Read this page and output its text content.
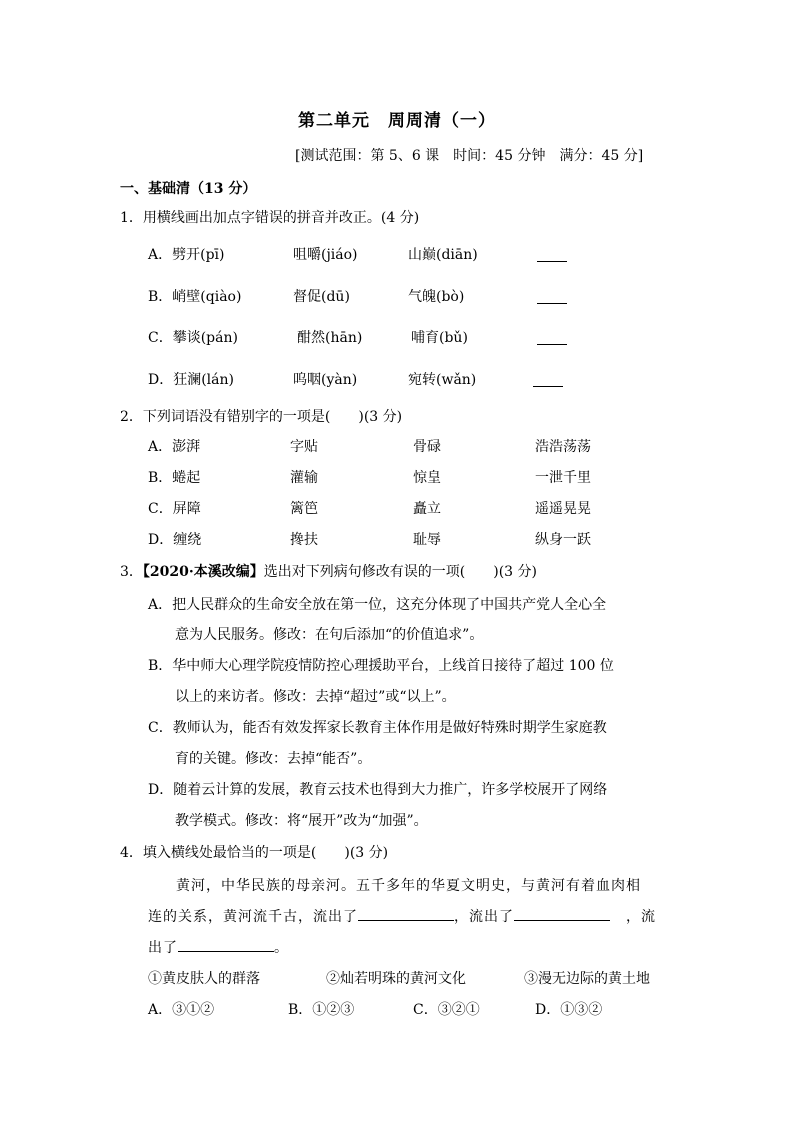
第二单元　周周清（一）
[测试范围：第 5、6 课　时间：45 分钟　满分：45 分]
一、基础清（13 分）
1．用横线画出加点字错误的拼音并改正。(4 分)
A．劈开(pī)	咀嚼(jiáo)	山巅(diān)
B．峭壁(qiào)	督促(dū)	气魄(bò)
C．攀谈(pán)	酣然(hān)	哺育(bǔ)
D．狂澜(lán)	呜咽(yàn)	宛转(wǎn)
2．下列词语没有错别字的一项是(　　)(3 分)
A．澎湃	字贴	骨碌	浩浩荡荡
B．蜷起	灌输	惊皇	一泄千里
C．屏障	篱笆	矗立	遥遥晃晃
D．缠绕	搀扶	耻辱	纵身一跃
3．【2020·本溪改编】选出对下列病句修改有误的一项(　　)(3 分)
A．把人民群众的生命安全放在第一位，这充分体现了中国共产党人全心全
意为人民服务。修改：在句后添加“的价值追求”。
B．华中师大心理学院疫情防控心理援助平台，上线首日接待了超过 100 位
以上的来访者。修改：去掉“超过”或“以上”。
C．教师认为，能否有效发挥家长教育主体作用是做好特殊时期学生家庭教
育的关键。修改：去掉“能否”。
D．随着云计算的发展，教育云技术也得到大力推广，许多学校展开了网络
教学模式。修改：将“展开”改为“加强”。
4．填入横线处最恰当的一项是(　　)(3 分)
黄河，中华民族的母亲河。五千多年的华夏文明史，与黄河有着血肉相
连的关系，黄河流千古，流出了	，流出了	，流
出了	。
①黄皮肤人的群落	②灿若明珠的黄河文化	③漫无边际的黄土地
A．③①②	B．①②③	C．③②①	D．①③②
